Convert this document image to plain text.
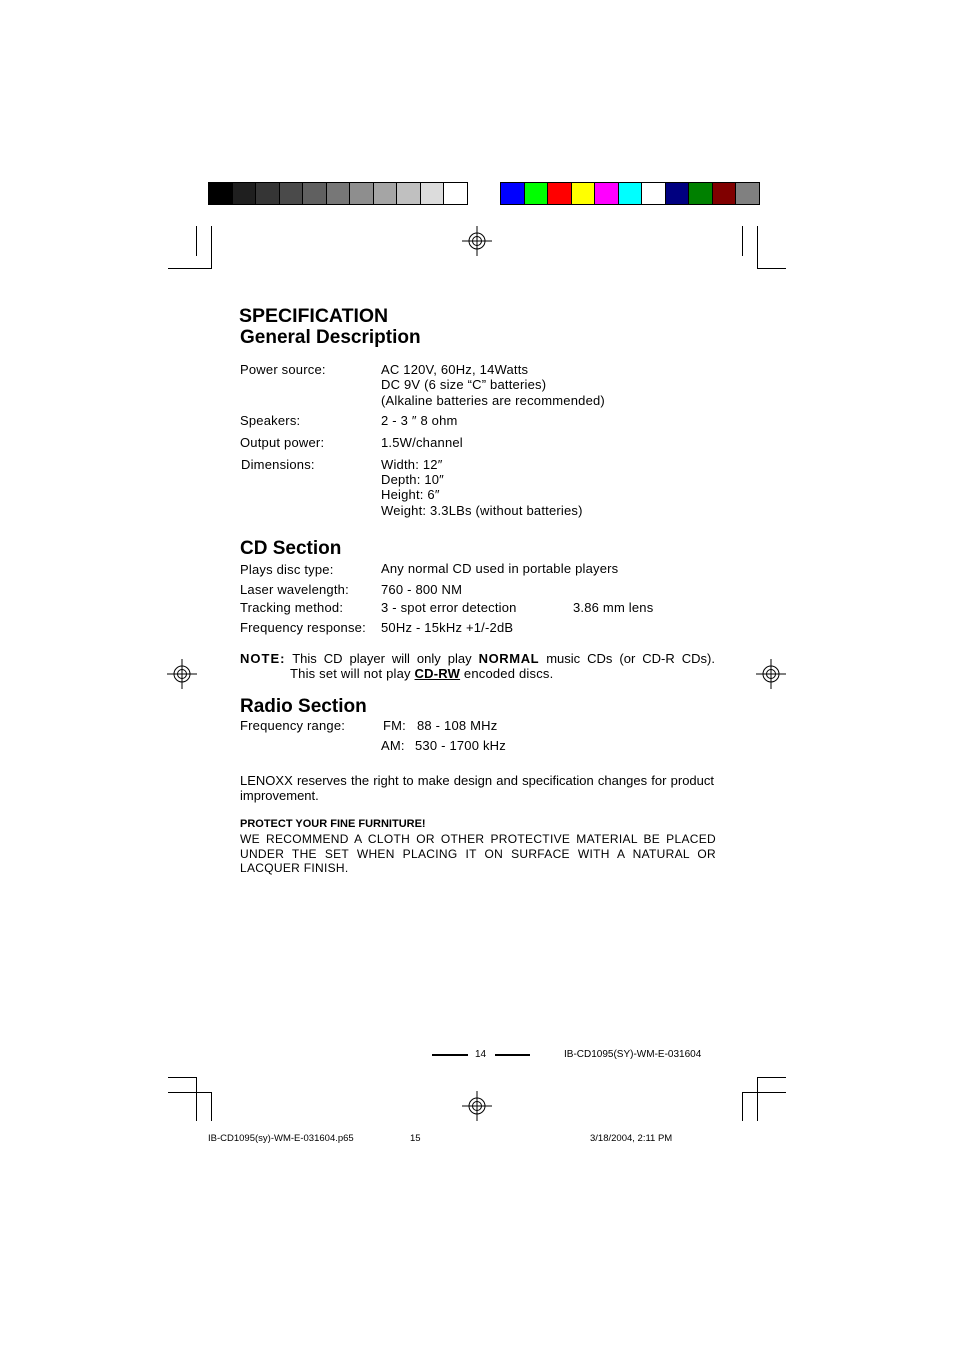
SPECIFICATION
General Description
Power source:	AC 120V, 60Hz, 14Watts
DC 9V (6 size “C” batteries)
(Alkaline batteries are recommended)
Speakers:	2 - 3 ″ 8 ohm
Output power:	1.5W/channel
Dimensions:	Width: 12″
Depth: 10″
Height: 6″
Weight: 3.3LBs (without batteries)
CD Section
Plays disc type:	Any normal CD used in portable players
Laser wavelength: 760 - 800 NM
Tracking method:	3 - spot error detection	3.86 mm lens
Frequency response: 50Hz - 15kHz +1/-2dB
NOTE: This CD player will only play NORMAL music CDs (or CD-R CDs).
This set will not play CD-RW encoded discs.
Radio Section
Frequency range:	FM: 88 - 108 MHz
AM: 530 - 1700 kHz
LENOXX reserves the right to make design and specification changes for product improvement.
PROTECT YOUR FINE FURNITURE!
WE RECOMMEND A CLOTH OR OTHER PROTECTIVE MATERIAL BE PLACED UNDER THE SET WHEN PLACING IT ON SURFACE WITH A NATURAL OR LACQUER FINISH.
14	IB-CD1095(SY)-WM-E-031604
IB-CD1095(sy)-WM-E-031604.p65	15	3/18/2004, 2:11 PM
